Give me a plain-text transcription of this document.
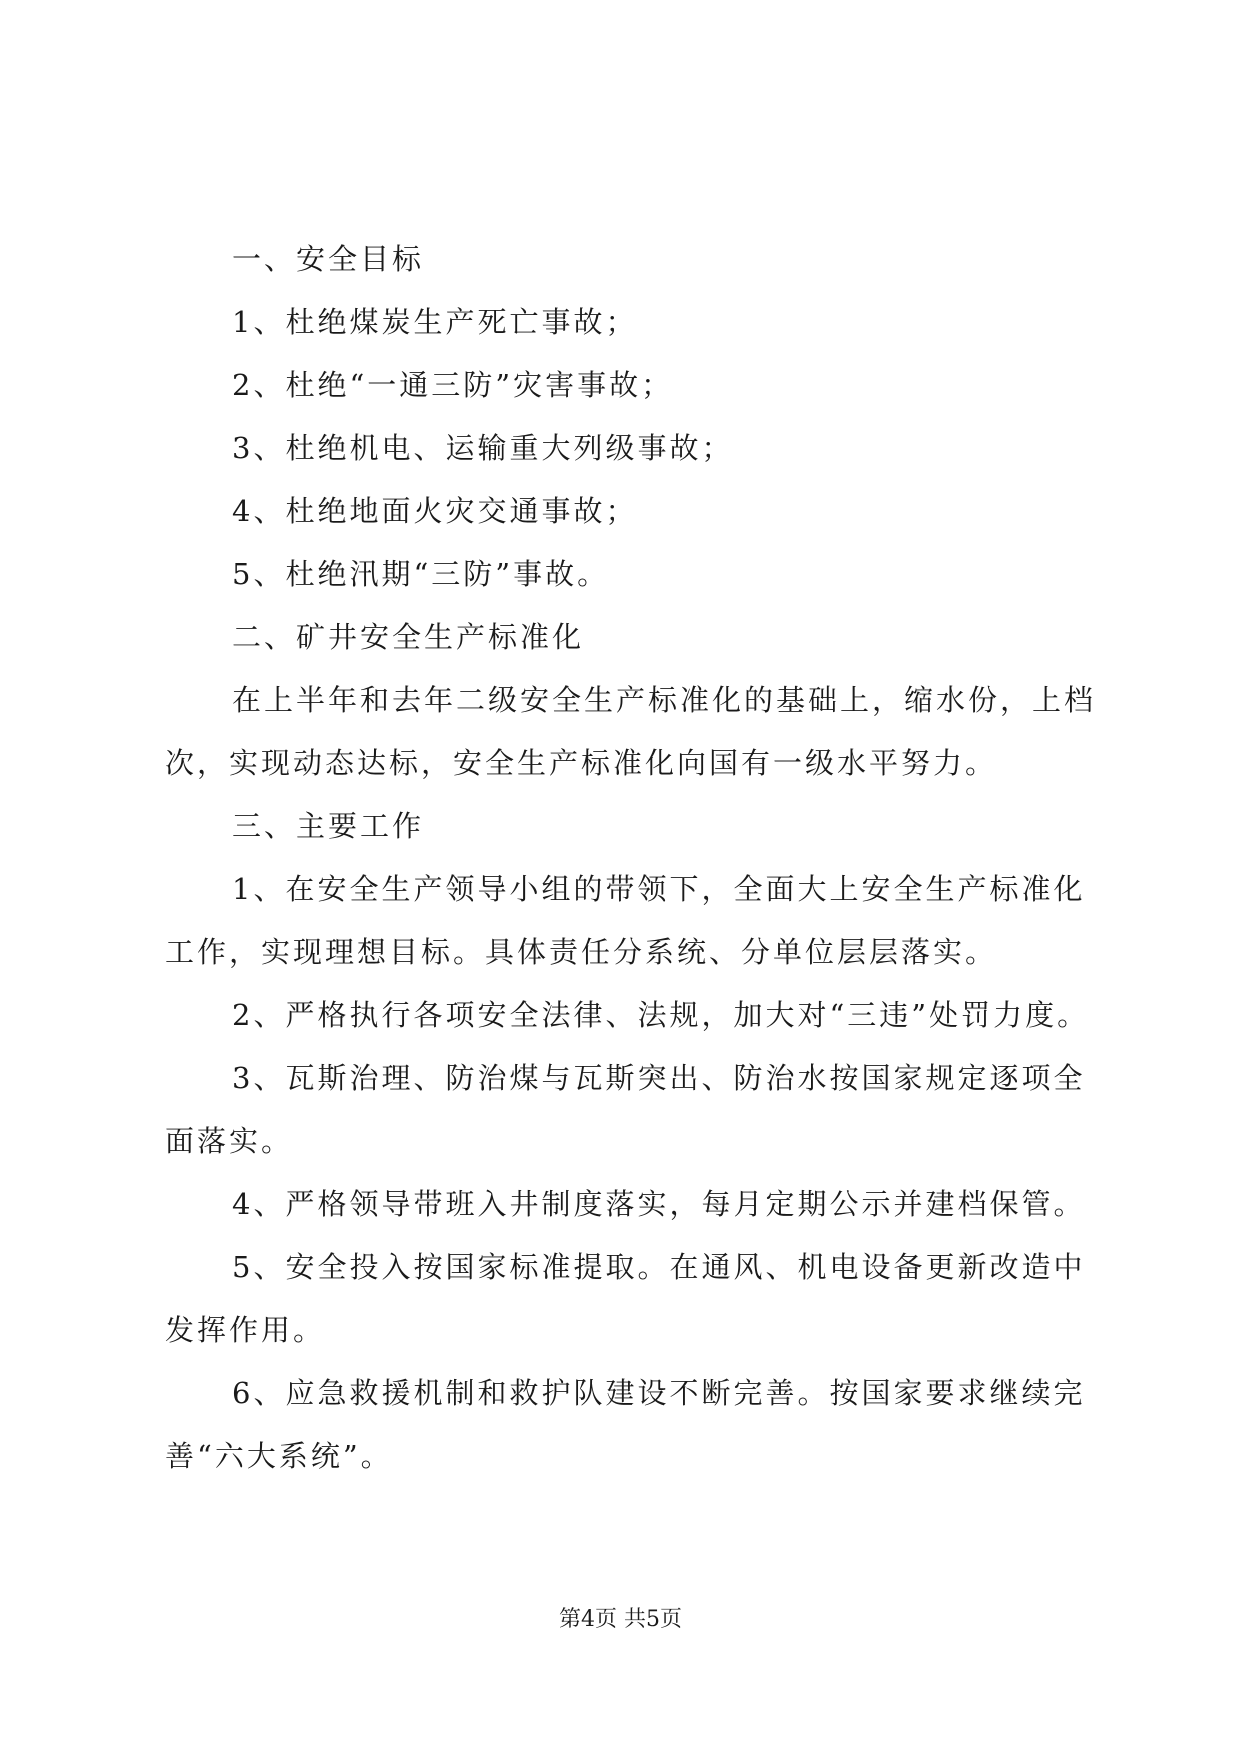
一、安全目标

1、杜绝煤炭生产死亡事故；

2、杜绝“一通三防”灾害事故；

3、杜绝机电、运输重大列级事故；

4、杜绝地面火灾交通事故；

5、杜绝汛期“三防”事故。

二、矿井安全生产标准化

在上半年和去年二级安全生产标准化的基础上，缩水份，上档次，实现动态达标，安全生产标准化向国有一级水平努力。

三、主要工作

1、在安全生产领导小组的带领下，全面大上安全生产标准化工作，实现理想目标。具体责任分系统、分单位层层落实。

2、严格执行各项安全法律、法规，加大对“三违”处罚力度。

3、瓦斯治理、防治煤与瓦斯突出、防治水按国家规定逐项全面落实。

4、严格领导带班入井制度落实，每月定期公示并建档保管。

5、安全投入按国家标准提取。在通风、机电设备更新改造中发挥作用。

6、应急救援机制和救护队建设不断完善。按国家要求继续完善“六大系统”。

第4页 共5页
